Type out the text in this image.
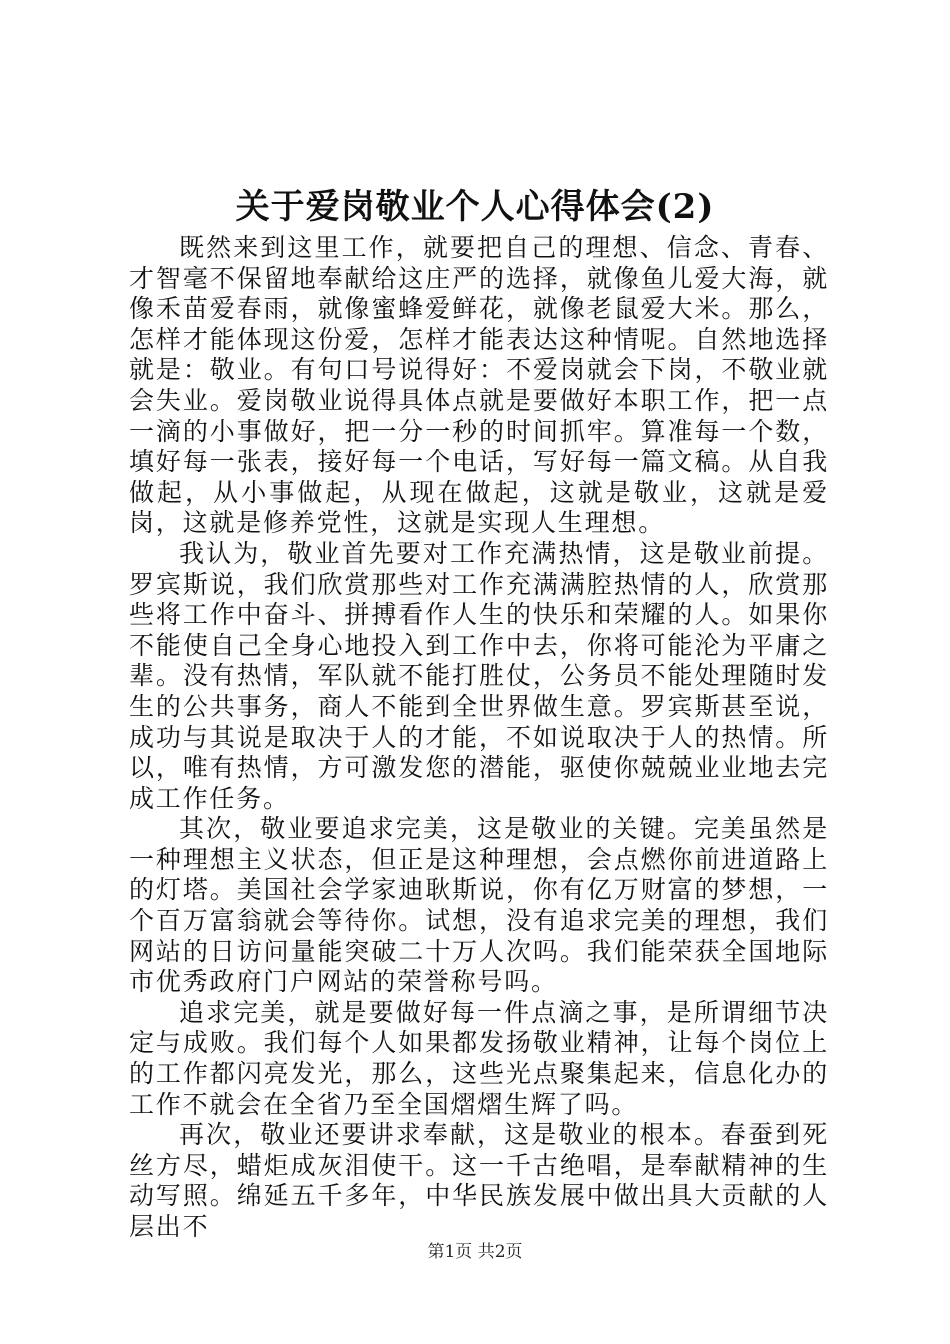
关于爱岗敬业个人心得体会(2)

既然来到这里工作，就要把自己的理想、信念、青春、才智毫不保留地奉献给这庄严的选择，就像鱼儿爱大海，就像禾苗爱春雨，就像蜜蜂爱鲜花，就像老鼠爱大米。那么，怎样才能体现这份爱，怎样才能表达这种情呢。自然地选择就是：敬业。有句口号说得好：不爱岗就会下岗，不敬业就会失业。爱岗敬业说得具体点就是要做好本职工作，把一点一滴的小事做好，把一分一秒的时间抓牢。算准每一个数，填好每一张表，接好每一个电话，写好每一篇文稿。从自我做起，从小事做起，从现在做起，这就是敬业，这就是爱岗，这就是修养党性，这就是实现人生理想。

我认为，敬业首先要对工作充满热情，这是敬业前提。罗宾斯说，我们欣赏那些对工作充满满腔热情的人，欣赏那些将工作中奋斗、拼搏看作人生的快乐和荣耀的人。如果你不能使自己全身心地投入到工作中去，你将可能沦为平庸之辈。没有热情，军队就不能打胜仗，公务员不能处理随时发生的公共事务，商人不能到全世界做生意。罗宾斯甚至说，成功与其说是取决于人的才能，不如说取决于人的热情。所以，唯有热情，方可激发您的潜能，驱使你兢兢业业地去完成工作任务。

其次，敬业要追求完美，这是敬业的关键。完美虽然是一种理想主义状态，但正是这种理想，会点燃你前进道路上的灯塔。美国社会学家迪耿斯说，你有亿万财富的梦想，一个百万富翁就会等待你。试想，没有追求完美的理想，我们网站的日访问量能突破二十万人次吗。我们能荣获全国地际市优秀政府门户网站的荣誉称号吗。

追求完美，就是要做好每一件点滴之事，是所谓细节决定与成败。我们每个人如果都发扬敬业精神，让每个岗位上的工作都闪亮发光，那么，这些光点聚集起来，信息化办的工作不就会在全省乃至全国熠熠生辉了吗。

再次，敬业还要讲求奉献，这是敬业的根本。春蚕到死丝方尽，蜡炬成灰泪使干。这一千古绝唱，是奉献精神的生动写照。绵延五千多年，中华民族发展中做出具大贡献的人层出不

第1页 共2页
